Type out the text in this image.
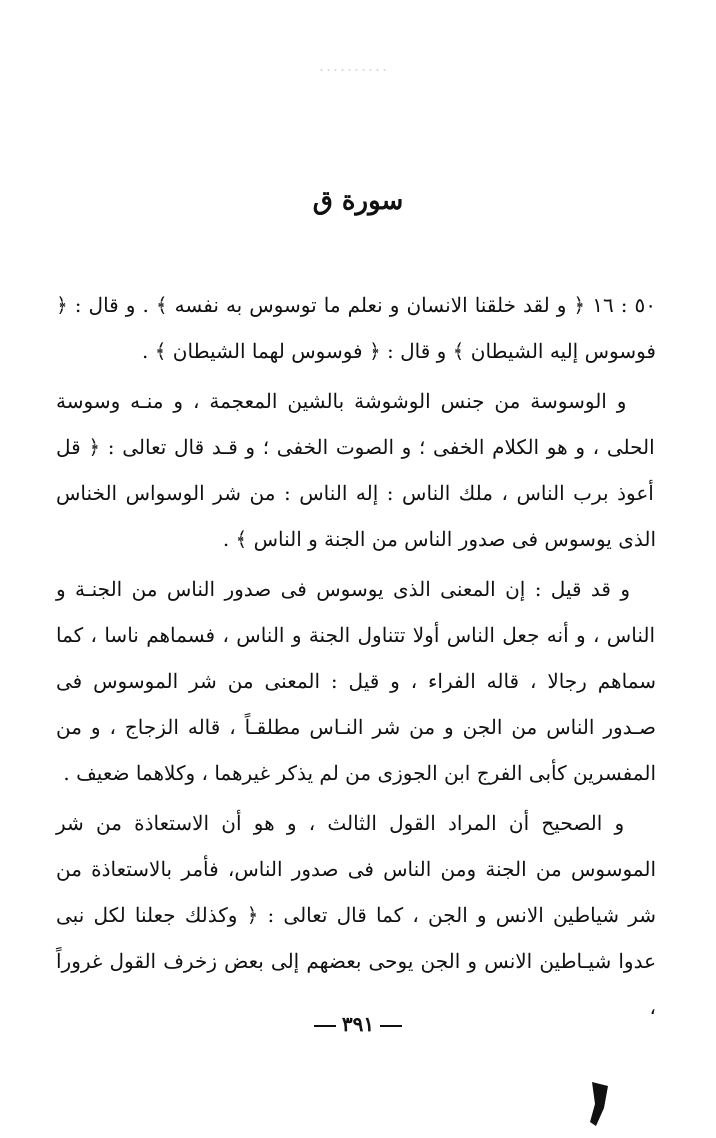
سورة ق

٥٠ : ١٦ ﴿ و لقد خلقنا الانسان و نعلم ما توسوس به نفسه ﴾ . و قال : ﴿ فوسوس إليه الشيطان ﴾ و قال : ﴿ فوسوس لهما الشيطان ﴾ .

و الوسوسة من جنس الوشوشة بالشين المعجمة ، و منـه وسوسة الحلى ، و هو الكلام الخفى ؛ و الصوت الخفى ؛ و قـد قال تعالى : ﴿ قل أعوذ برب الناس ، ملك الناس : إله الناس : من شر الوسواس الخناس الذى يوسوس فى صدور الناس من الجنة و الناس ﴾ .

و قد قيل : إن المعنى الذى يوسوس فى صدور الناس من الجنـة و الناس ، و أنه جعل الناس أولا تتناول الجنة و الناس ، فسماهم ناسا ، كما سماهم رجالا ، قاله الفراء ، و قيل : المعنى من شر الموسوس فى صـدور الناس من الجن و من شر النـاس مطلقـاً ، قاله الزجاج ، و من المفسرين كأبى الفرج ابن الجوزى من لم يذكر غيرهما ، وكلاهما ضعيف .

و الصحيح أن المراد القول الثالث ، و هو أن الاستعاذة من شر الموسوس من الجنة ومن الناس فى صدور الناس، فأمر بالاستعاذة من شر شياطين الانس و الجن ، كما قال تعالى : ﴿ وكذلك جعلنا لكل نبى عدوا شيـاطين الانس و الجن يوحى بعضهم إلى بعض زخرف القول غروراً ،

٣٩١
